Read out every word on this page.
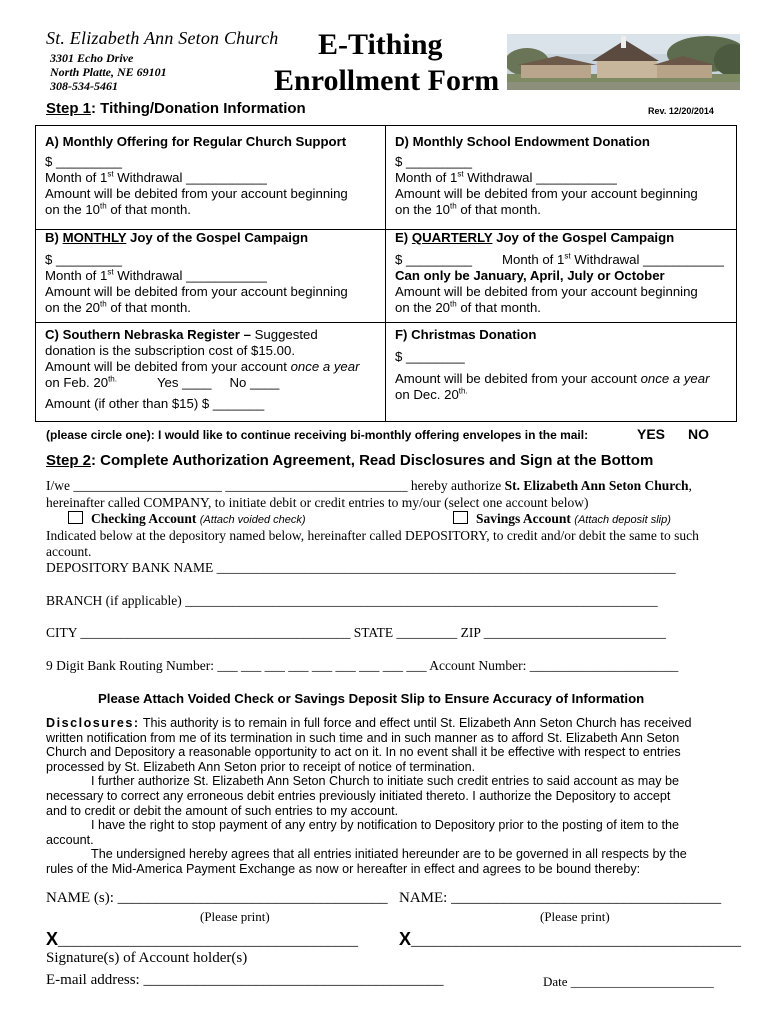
St. Elizabeth Ann Seton Church
3301 Echo Drive
North Platte, NE 69101
308-534-5461
E-Tithing
Enrollment Form
Step 1: Tithing/Donation Information	Rev. 12/20/2014
A) Monthly Offering for Regular Church Support
$ _________
Month of 1st Withdrawal ___________
Amount will be debited from your account beginning
on the 10th of that month.
D) Monthly School Endowment Donation
$ _________
Month of 1st Withdrawal ___________
Amount will be debited from your account beginning
on the 10th of that month.
B) MONTHLY Joy of the Gospel Campaign
$ _________
Month of 1st Withdrawal ___________
Amount will be debited from your account beginning
on the 20th of that month.
E) QUARTERLY Joy of the Gospel Campaign
$ _________ Month of 1st Withdrawal ___________
Can only be January, April, July or October
Amount will be debited from your account beginning
on the 20th of that month.
C) Southern Nebraska Register – Suggested
donation is the subscription cost of $15.00.
Amount will be debited from your account once a year
on Feb. $20^{th.}$	Yes ____ No ____
Amount (if other than $15) $ _______
F) Christmas Donation
$ ________
Amount will be debited from your account once a year
on Dec. $20^{th.}$
(please circle one): I would like to continue receiving bi-monthly offering envelopes in the mail:	YES NO
Step 2: Complete Authorization Agreement, Read Disclosures and Sign at the Bottom
I/we ______________________ ___________________________ hereby authorize St. Elizabeth Ann Seton Church,
hereinafter called COMPANY, to initiate debit or credit entries to my/our (select one account below)
Checking Account (Attach voided check)	Savings Account (Attach deposit slip)
Indicated below at the depository named below, hereinafter called DEPOSITORY, to credit and/or debit the same to such
account.
DEPOSITORY BANK NAME ____________________________________________________________________
BRANCH (if applicable) ______________________________________________________________________
CITY ________________________________________ STATE _________ ZIP ___________________________
9 Digit Bank Routing Number: ___ ___ ___ ___ ___ ___ ___ ___ ___ Account Number: ______________________
Please Attach Voided Check or Savings Deposit Slip to Ensure Accuracy of Information
Disclosures: This authority is to remain in full force and effect until St. Elizabeth Ann Seton Church has received
written notification from me of its termination in such time and in such manner as to afford St. Elizabeth Ann Seton
Church and Depository a reasonable opportunity to act on it. In no event shall it be effective with respect to entries
processed by St. Elizabeth Ann Seton prior to receipt of notice of termination.
I further authorize St. Elizabeth Ann Seton Church to initiate such credit entries to said account as may be
necessary to correct any erroneous debit entries previously initiated thereto. I authorize the Depository to accept
and to credit or debit the amount of such entries to my account.
I have the right to stop payment of any entry by notification to Depository prior to the posting of item to the
account.
The undersigned hereby agrees that all entries initiated hereunder are to be governed in all respects by the
rules of the Mid-America Payment Exchange as now or hereafter in effect and agrees to be bound thereby:
NAME (s): ____________________________________ NAME: ____________________________________
(Please print)	(Please print)
X________________________________________ X____________________________________________
Signature(s) of Account holder(s)
E-mail address: ________________________________________	Date ______________________
